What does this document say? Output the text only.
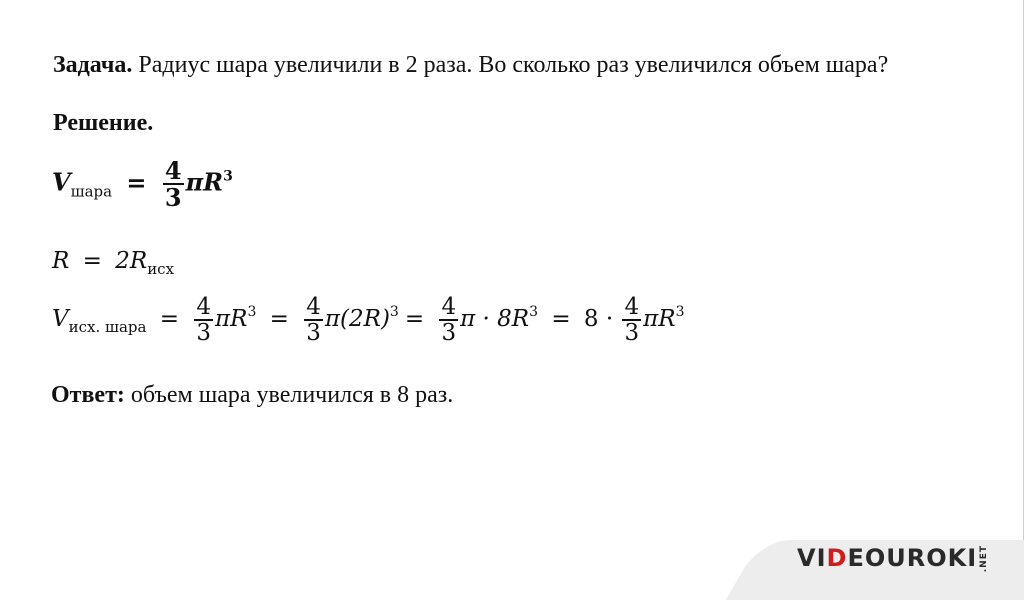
Задача. Радиус шара увеличили в 2 раза. Во сколько раз увеличился объем шара?
Решение.
$V_{шара} = \frac{4}{3} \pi R^3$
$R = 2R_{исх}$
$V_{исх. шара} = \frac{4}{3} \pi R^3 = \frac{4}{3} \pi(2R)^3 = \frac{4}{3}$ $\pi \cdot 8R^3 = 8 \cdot \frac{4}{3} \pi R^3$
Ответ: объем шара увеличился в 8 раз.
VIDEOUROKI .NET
